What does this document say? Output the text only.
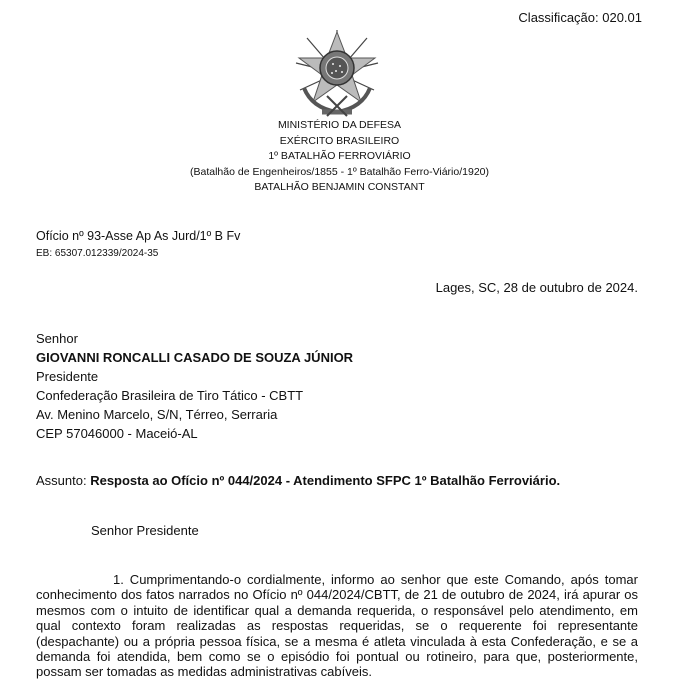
Classificação: 020.01
MINISTÉRIO DA DEFESA
EXÉRCITO BRASILEIRO
1º BATALHÃO FERROVIÁRIO
(Batalhão de Engenheiros/1855 - 1º Batalhão Ferro-Viário/1920)
BATALHÃO BENJAMIN CONSTANT
Ofício nº 93-Asse Ap As Jurd/1º B Fv
EB: 65307.012339/2024-35
Lages, SC, 28 de outubro de 2024.
Senhor
GIOVANNI RONCALLI CASADO DE SOUZA JÚNIOR
Presidente
Confederação Brasileira de Tiro Tático - CBTT
Av. Menino Marcelo, S/N, Térreo, Serraria
CEP 57046000 - Maceió-AL
Assunto: Resposta ao Ofício nº 044/2024 - Atendimento SFPC 1º Batalhão Ferroviário.
Senhor Presidente

1. Cumprimentando-o cordialmente, informo ao senhor que este Comando, após tomar conhecimento dos fatos narrados no Ofício nº 044/2024/CBTT, de 21 de outubro de 2024, irá apurar os mesmos com o intuito de identificar qual a demanda requerida, o responsável pelo atendimento, em qual contexto foram realizadas as respostas requeridas, se o requerente foi representante (despachante) ou a própria pessoa física, se a mesma é atleta vinculada à esta Confederação, e se a demanda foi atendida, bem como se o episódio foi pontual ou rotineiro, para que, posteriormente, possam ser tomadas as medidas administrativas cabíveis.
